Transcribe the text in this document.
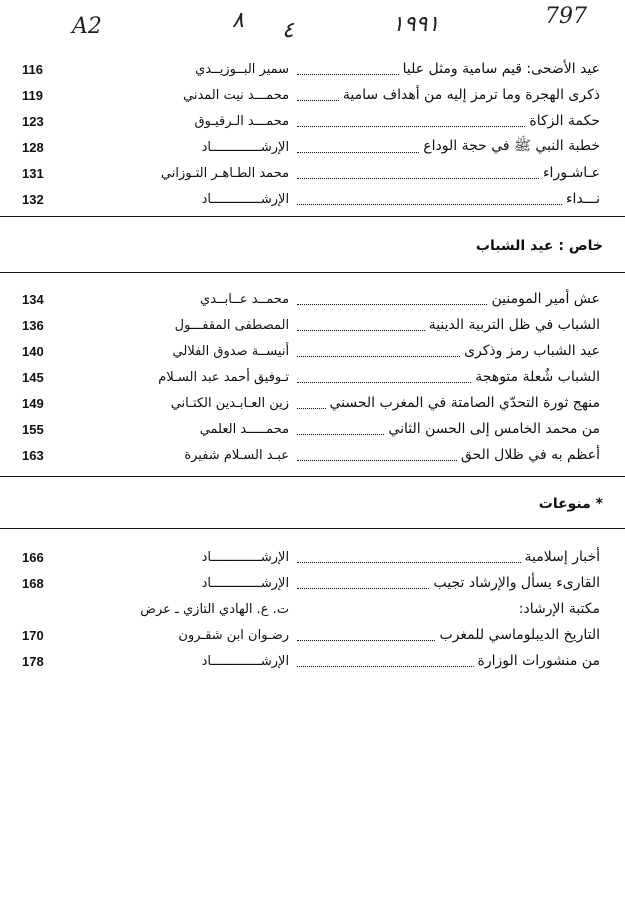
A2	٨ ٤	١٩٩١	797
116	سمير البــوزيــدي	عيد الأضحى: قيم سامية ومثل عليا
119	محمـــد نيت المدني	ذكرى الهجرة وما ترمز إليه من أهداف سامية
123	محمـــد الـرقيـوق	حكمة الزكاة
128	الإرشـــــــــــــاد	خطبة النبي ﷺ في حجة الوداع
131	محمد الطـاهـر التـوزاني	عـاشـوراء
132	الإرشـــــــــــــاد	نـــداء
خاص : عيد الشباب
134	محمــد عــابــدي	عش أمير المومنين
136	المصطفى المقفـــول	الشباب في ظل التربية الدينية
140	أنيســة صدوق الفلالي	عيد الشباب رمز وذكرى
145	تـوفيق أحمد عبد السـلام	الشباب شُعلة متوهجة
149	زين العـابـدين الكتـاني	منهج ثورة التحدّي الصامتة في المغرب الحسني
155	محمـــــد العلمي	من محمد الخامس إلى الحسن الثاني
163	عبـد السـلام شفيرة	أعظم به في ظلال الحق
* منوعات
166	الإرشـــــــــــــاد	أخبار إسلامية
168	الإرشـــــــــــــاد	القارىء يسأل والإرشاد تجيب
ت. ع. الهادي التازي ـ عرض	مكتبة الإرشاد:
170	رضـوان ابن شقـرون	التاريخ الديبلوماسي للمغرب
178	الإرشـــــــــــــاد	من منشورات الوزارة
